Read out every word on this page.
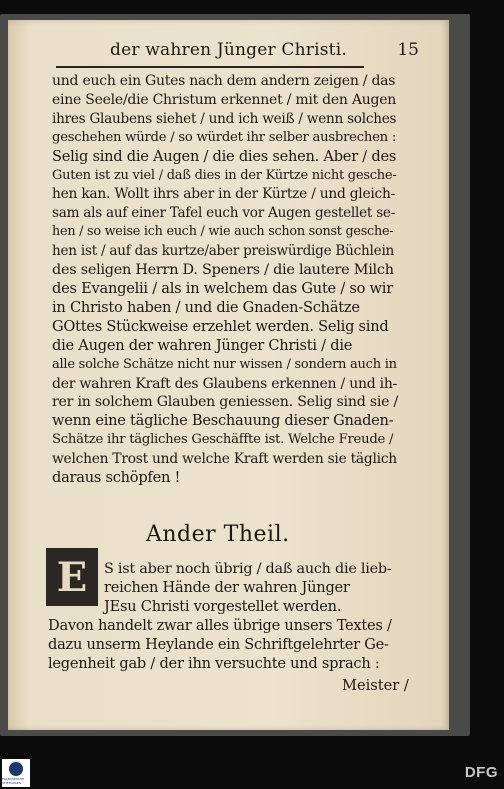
der wahren Jünger Christi.	15
und euch ein Gutes nach dem andern zeigen / das
eine Seele/die Christum erkennet / mit den Augen
ihres Glaubens siehet / und ich weiß / wenn solches
geschehen würde / so würdet ihr selber ausbrechen :
Selig sind die Augen / die dies sehen. Aber / des
Guten ist zu viel / daß dies in der Kürtze nicht gesche-
hen kan. Wollt ihrs aber in der Kürtze / und gleich-
sam als auf einer Tafel euch vor Augen gestellet se-
hen / so weise ich euch / wie auch schon sonst gesche-
hen ist / auf das kurtze/aber preiswürdige Büchlein
des seligen Herrn D. Speners / die lautere Milch
des Evangelii / als in welchem das Gute / so wir
in Christo haben / und die Gnaden-Schätze
GOttes Stückweise erzehlet werden. Selig sind
die Augen der wahren Jünger Christi / die
alle solche Schätze nicht nur wissen / sondern auch in
der wahren Kraft des Glaubens erkennen / und ih-
rer in solchem Glauben geniessen. Selig sind sie /
wenn eine tägliche Beschauung dieser Gnaden-
Schätze ihr tägliches Geschäffte ist. Welche Freude /
welchen Trost und welche Kraft werden sie täglich
daraus schöpfen !
Ander Theil.
E S ist aber noch übrig / daß auch die lieb-
reichen Hände der wahren Jünger
JEsu Christi vorgestellet werden.
Davon handelt zwar alles übrige unsers Textes /
dazu unserm Heylande ein Schriftgelehrter Ge-
legenheit gab / der ihn versuchte und sprach :
Meister /
FRANCKESCHE STIFTUNGEN
DFG
